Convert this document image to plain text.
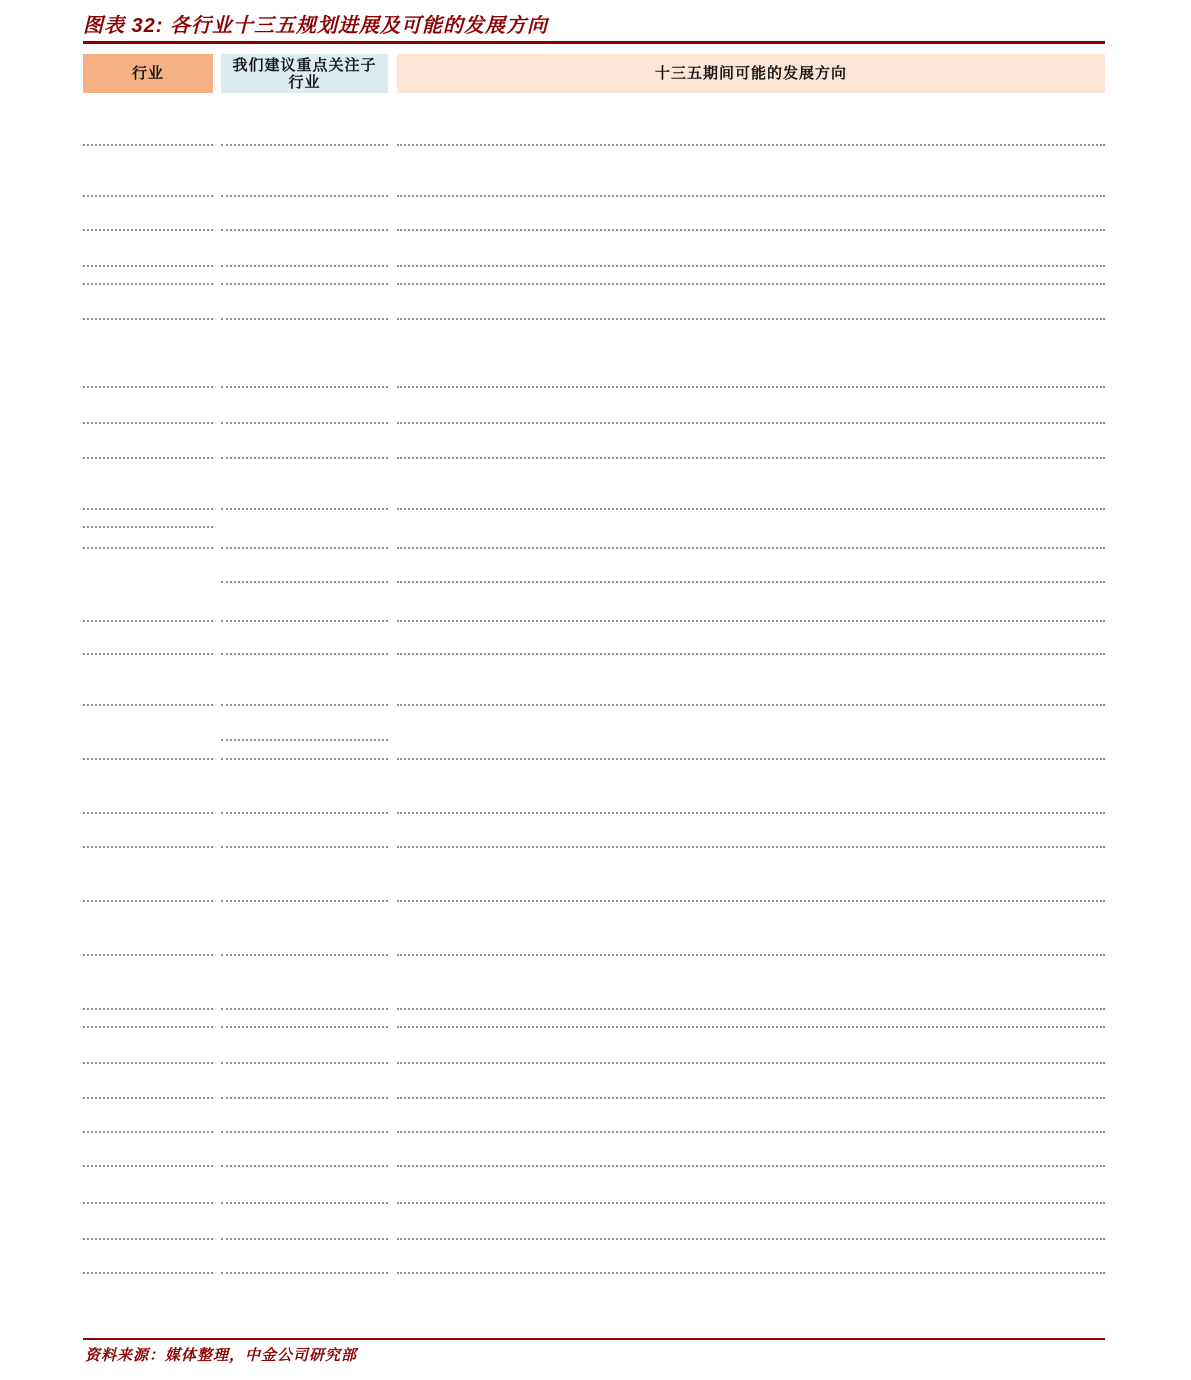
图表 32: 各行业十三五规划进展及可能的发展方向
行业	我们建议重点关注子行业	十三五期间可能的发展方向
资料来源：媒体整理，中金公司研究部
